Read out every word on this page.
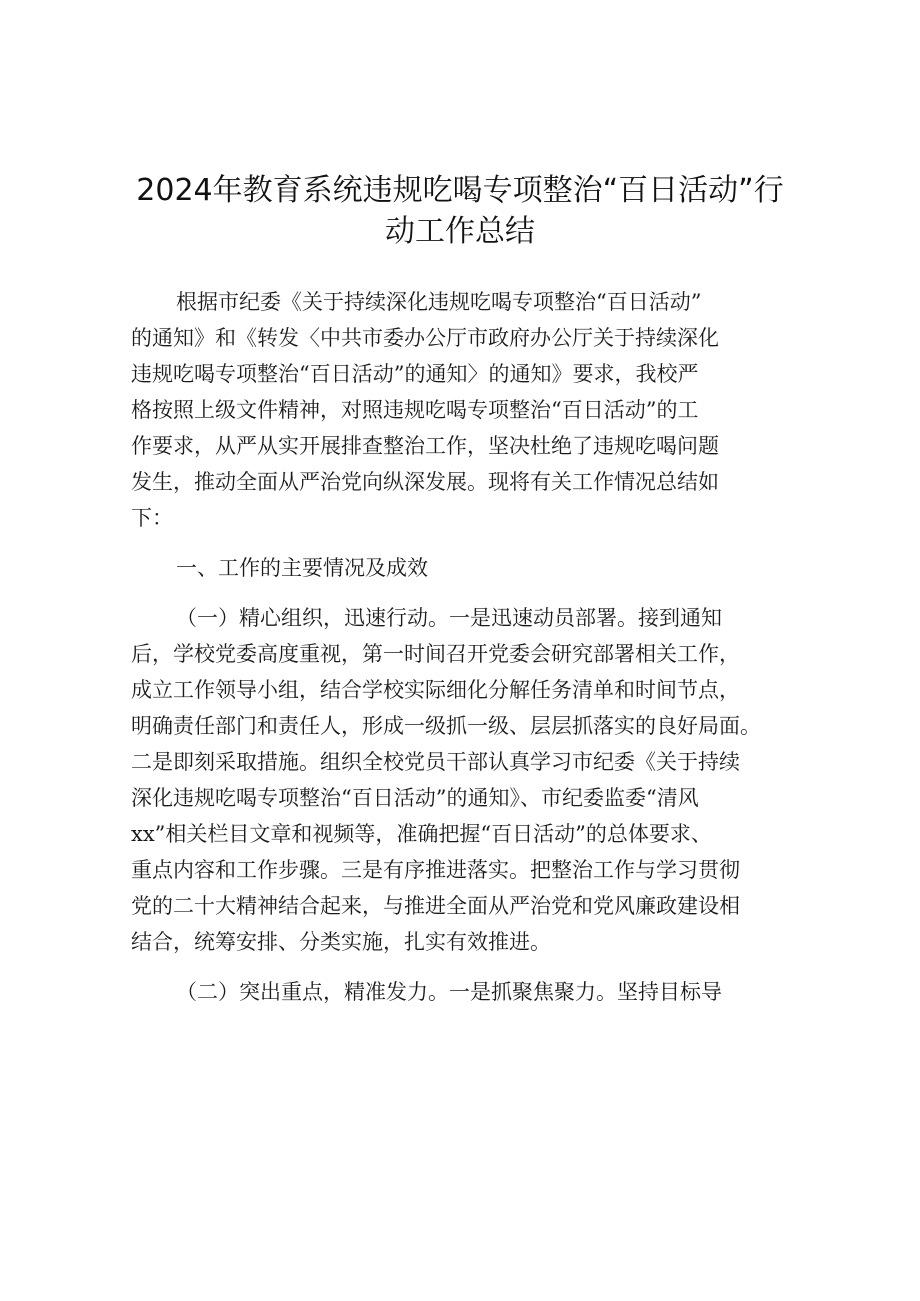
2024年教育系统违规吃喝专项整治“百日活动”行
动工作总结
根据市纪委《关于持续深化违规吃喝专项整治“百日活动”
的通知》和《转发〈中共市委办公厅市政府办公厅关于持续深化
违规吃喝专项整治“百日活动”的通知〉的通知》要求，我校严
格按照上级文件精神，对照违规吃喝专项整治“百日活动”的工
作要求，从严从实开展排查整治工作，坚决杜绝了违规吃喝问题
发生，推动全面从严治党向纵深发展。现将有关工作情况总结如
下：
一、工作的主要情况及成效
（一）精心组织，迅速行动。一是迅速动员部署。接到通知
后，学校党委高度重视，第一时间召开党委会研究部署相关工作，
成立工作领导小组，结合学校实际细化分解任务清单和时间节点，
明确责任部门和责任人，形成一级抓一级、层层抓落实的良好局面。
二是即刻采取措施。组织全校党员干部认真学习市纪委《关于持续
深化违规吃喝专项整治“百日活动”的通知》、市纪委监委“清风
xx”相关栏目文章和视频等，准确把握“百日活动”的总体要求、
重点内容和工作步骤。三是有序推进落实。把整治工作与学习贯彻
党的二十大精神结合起来，与推进全面从严治党和党风廉政建设相
结合，统筹安排、分类实施，扎实有效推进。
（二）突出重点，精准发力。一是抓聚焦聚力。坚持目标导
